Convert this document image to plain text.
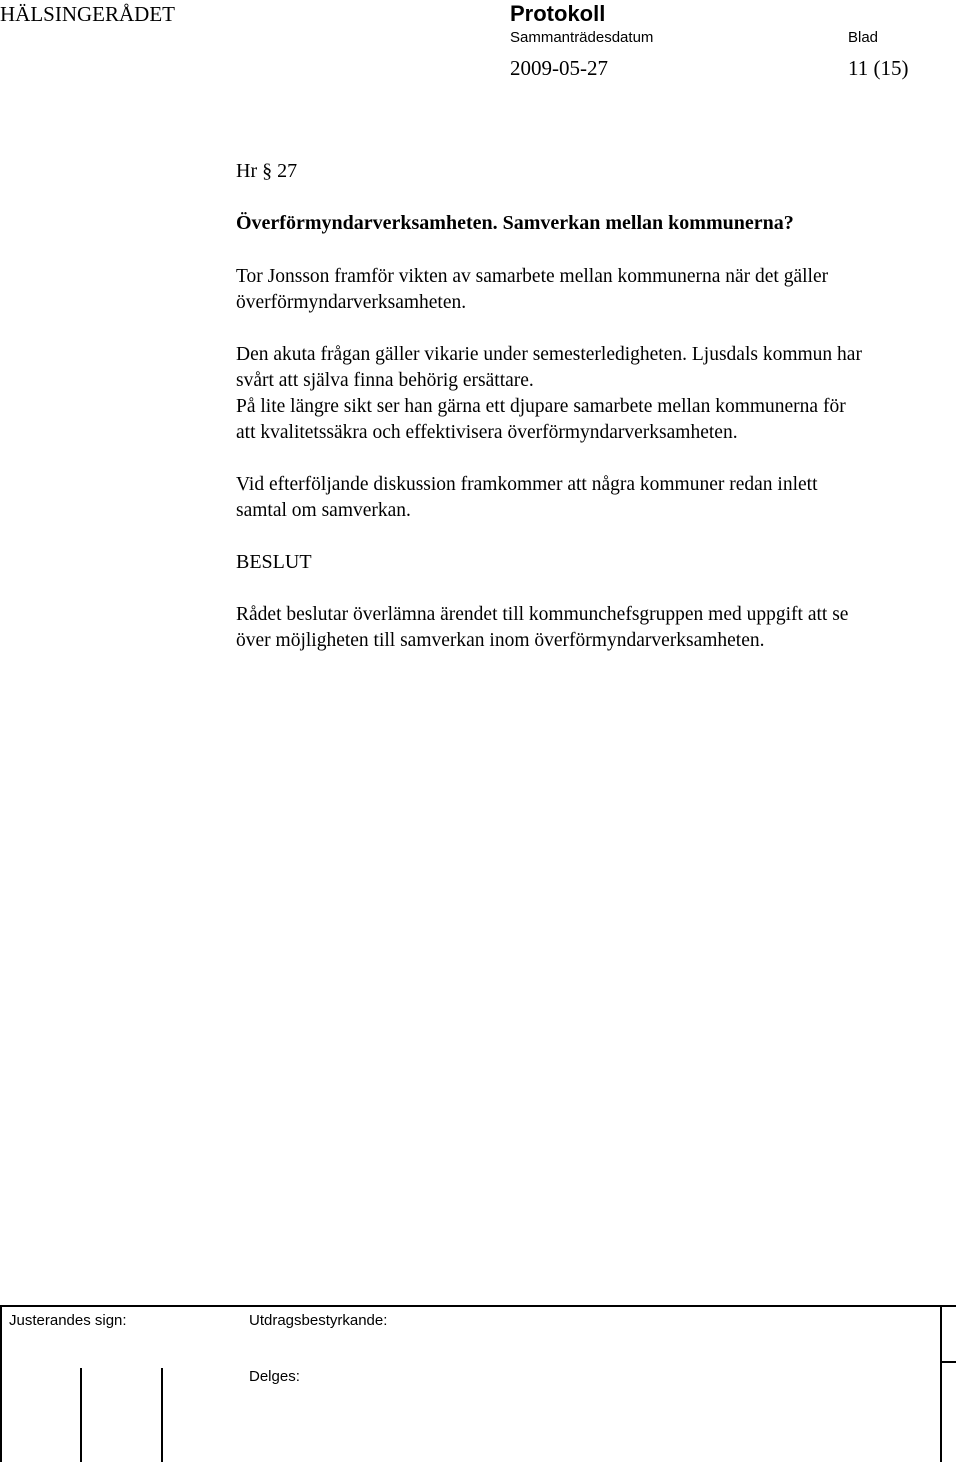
HÄLSINGERÅDET	Protokoll
Sammanträdesdatum	Blad
2009-05-27	11 (15)
Hr § 27
Överförmyndarverksamheten. Samverkan mellan kommunerna?
Tor Jonsson framför vikten av samarbete mellan kommunerna när det gäller
överförmyndarverksamheten.
Den akuta frågan gäller vikarie under semesterledigheten. Ljusdals kommun har
svårt att själva finna behörig ersättare.
På lite längre sikt ser han gärna ett djupare samarbete mellan kommunerna för
att kvalitetssäkra och effektivisera överförmyndarverksamheten.
Vid efterföljande diskussion framkommer att några kommuner redan inlett
samtal om samverkan.
BESLUT
Rådet beslutar överlämna ärendet till kommunchefsgruppen med uppgift att se
över möjligheten till samverkan inom överförmyndarverksamheten.
Justerandes sign:	Utdragsbestyrkande:
Delges:
